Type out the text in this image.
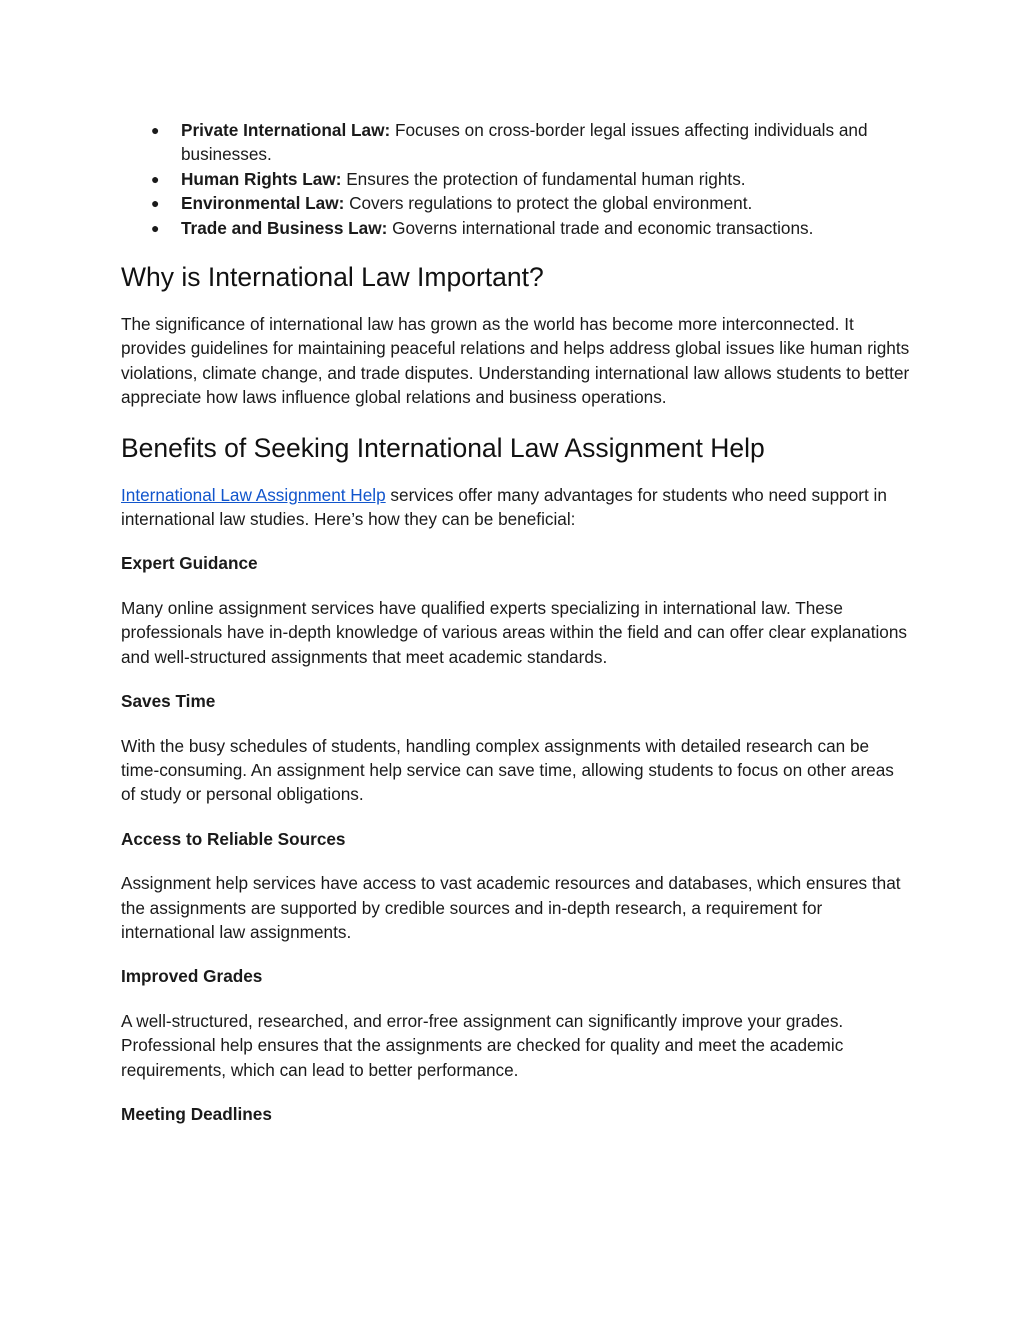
● Private International Law: Focuses on cross-border legal issues affecting individuals and businesses.
● Human Rights Law: Ensures the protection of fundamental human rights.
● Environmental Law: Covers regulations to protect the global environment.
● Trade and Business Law: Governs international trade and economic transactions.
Why is International Law Important?

The significance of international law has grown as the world has become more interconnected. It provides guidelines for maintaining peaceful relations and helps address global issues like human rights violations, climate change, and trade disputes. Understanding international law allows students to better appreciate how laws influence global relations and business operations.

Benefits of Seeking International Law Assignment Help

International Law Assignment Help services offer many advantages for students who need support in international law studies. Here’s how they can be beneficial:

Expert Guidance

Many online assignment services have qualified experts specializing in international law. These professionals have in-depth knowledge of various areas within the field and can offer clear explanations and well-structured assignments that meet academic standards.

Saves Time

With the busy schedules of students, handling complex assignments with detailed research can be time-consuming. An assignment help service can save time, allowing students to focus on other areas of study or personal obligations.

Access to Reliable Sources

Assignment help services have access to vast academic resources and databases, which ensures that the assignments are supported by credible sources and in-depth research, a requirement for international law assignments.

Improved Grades

A well-structured, researched, and error-free assignment can significantly improve your grades. Professional help ensures that the assignments are checked for quality and meet the academic requirements, which can lead to better performance.

Meeting Deadlines
